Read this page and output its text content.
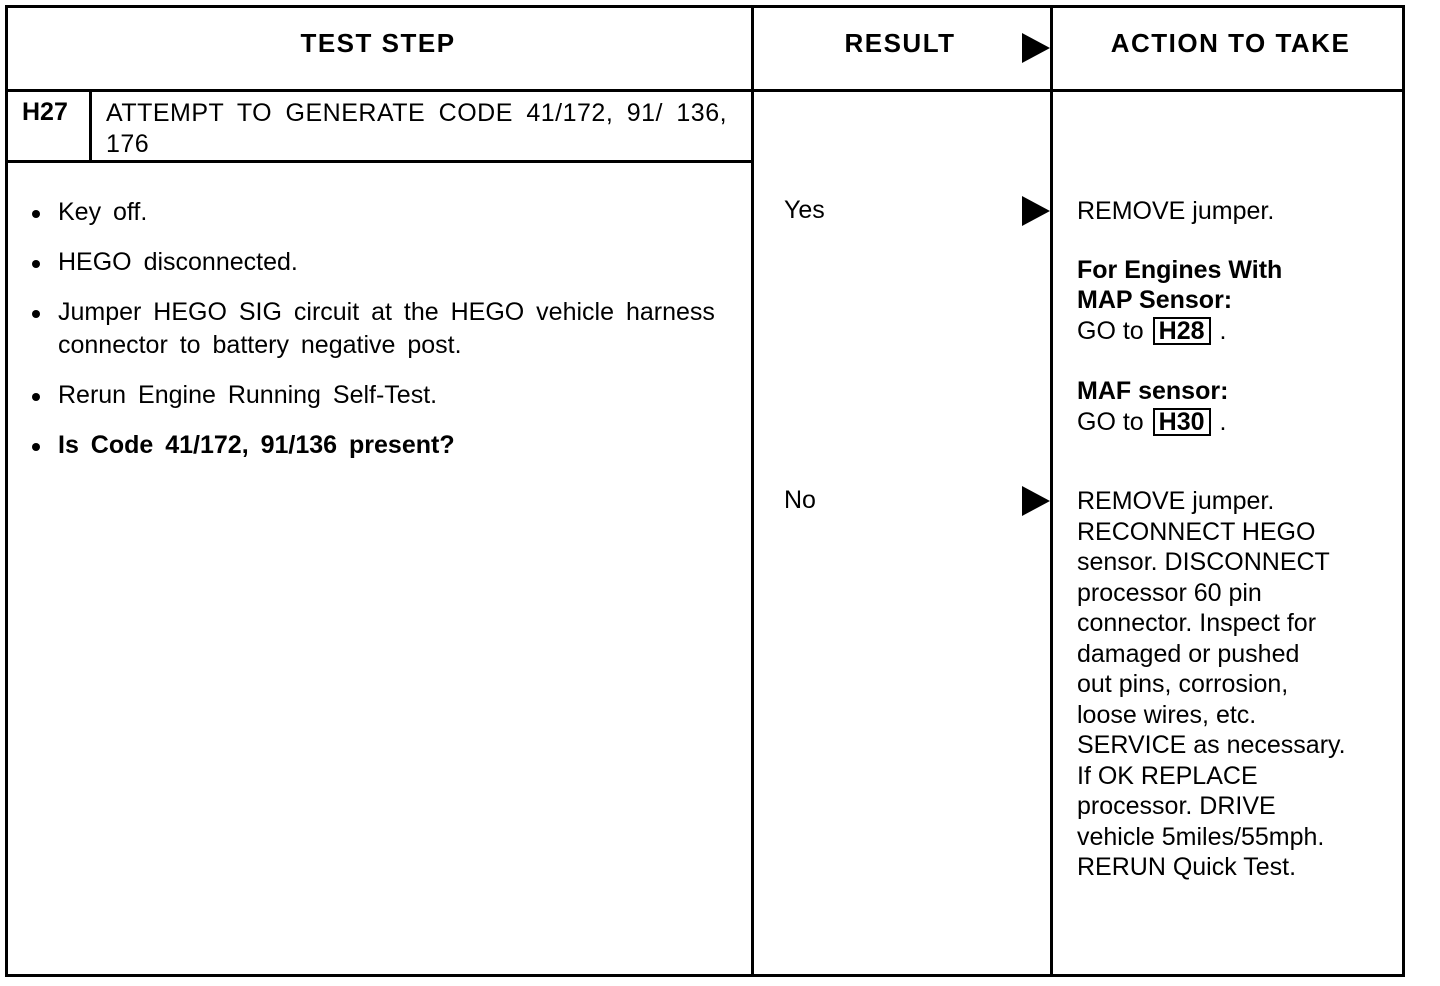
TEST STEP	RESULT	ACTION TO TAKE
H27 ATTEMPT TO GENERATE CODE 41/172, 91/ 136, 176
Key off.
HEGO disconnected.
Jumper HEGO SIG circuit at the HEGO vehicle harness connector to battery negative post.
Rerun Engine Running Self-Test.
Is Code 41/172, 91/136 present?
Yes
No

REMOVE jumper.

For Engines With

MAP Sensor:

GO to H28 .

MAF sensor:

GO to H30 .

REMOVE jumper.

RECONNECT HEGO

sensor. DISCONNECT

processor 60 pin

connector. Inspect for

damaged or pushed

out pins, corrosion,

loose wires, etc.

SERVICE as necessary.

If OK REPLACE

processor. DRIVE

vehicle 5miles/55mph.

RERUN Quick Test.
